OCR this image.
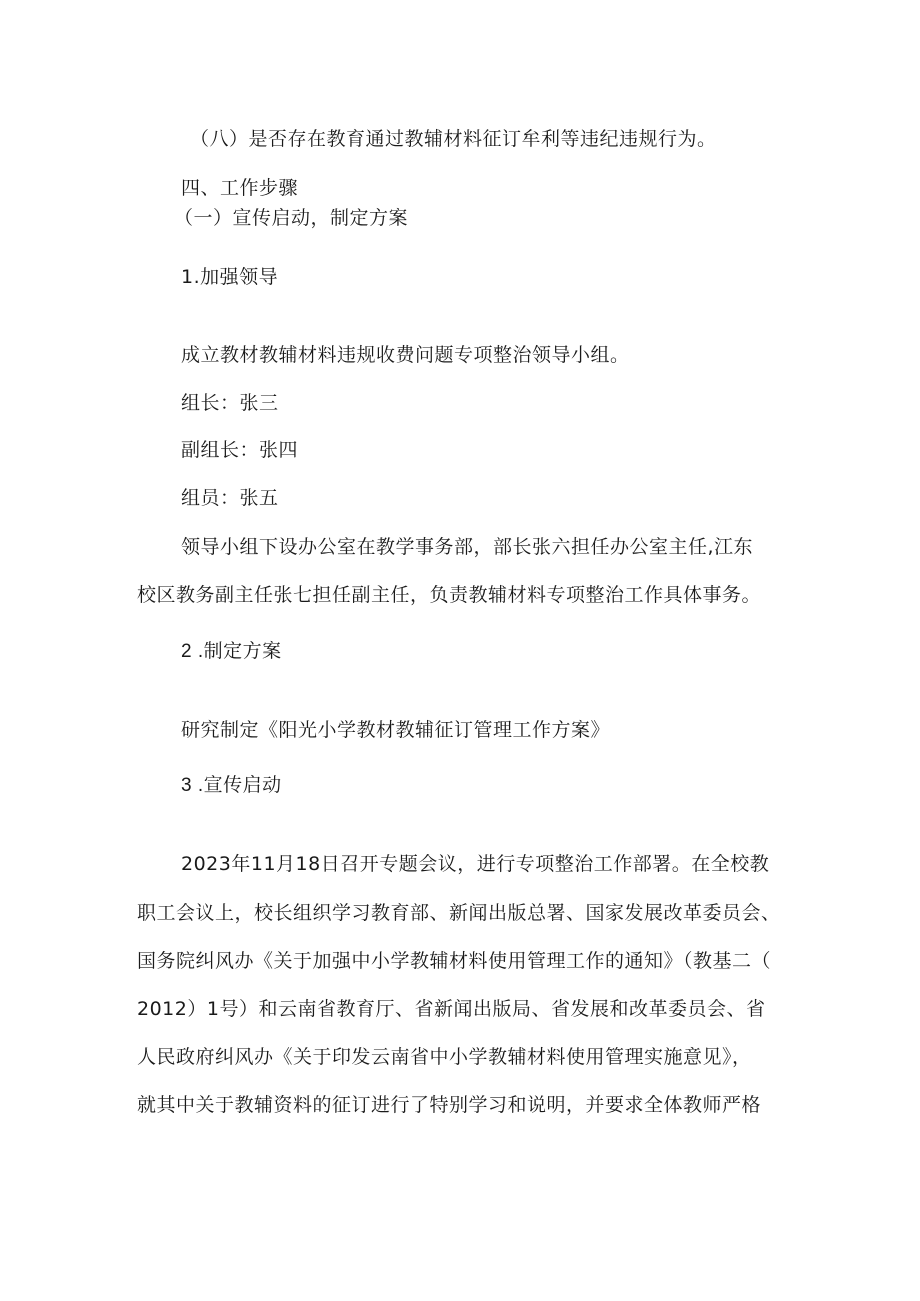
（八）是否存在教育通过教辅材料征订牟利等违纪违规行为。
四、工作步骤
（一）宣传启动，制定方案
1.加强领导
成立教材教辅材料违规收费问题专项整治领导小组。
组长：张三
副组长：张四
组员：张五
领导小组下设办公室在教学事务部，部长张六担任办公室主任,江东
校区教务副主任张七担任副主任，负责教辅材料专项整治工作具体事务。
2 .制定方案
研究制定《阳光小学教材教辅征订管理工作方案》
3 .宣传启动
2023年11月18日召开专题会议，进行专项整治工作部署。在全校教
职工会议上，校长组织学习教育部、新闻出版总署、国家发展改革委员会、
国务院纠风办《关于加强中小学教辅材料使用管理工作的通知》（教基二（
2012）1号）和云南省教育厅、省新闻出版局、省发展和改革委员会、省
人民政府纠风办《关于印发云南省中小学教辅材料使用管理实施意见》，
就其中关于教辅资料的征订进行了特别学习和说明，并要求全体教师严格
